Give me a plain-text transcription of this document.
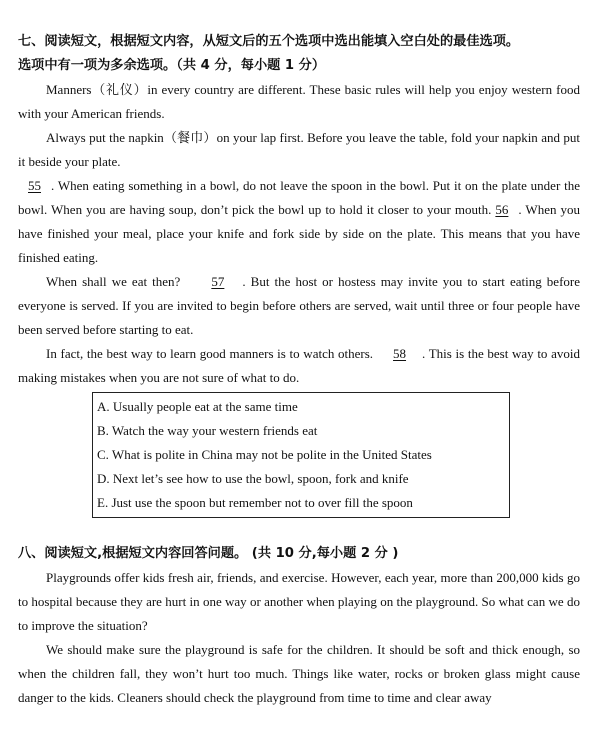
七、阅读短文，根据短文内容，从短文后的五个选项中选出能填入空白处的最佳选项。

选项中有一项为多余选项。（共 4 分，每小题 1 分）

Manners（礼仪）in every country are different. These basic rules will help you enjoy western food with your American friends.

Always put the napkin（餐巾）on your lap first. Before you leave the table, fold your napkin and put it beside your plate.

55 . When eating something in a bowl, do not leave the spoon in the bowl. Put it on the plate under the bowl. When you are having soup, don’t pick the bowl up to hold it closer to your mouth. 56 . When you have finished your meal, place your knife and fork side by side on the plate. This means that you have finished eating.

When shall we eat then? 57 . But the host or hostess may invite you to start eating before everyone is served. If you are invited to begin before others are served, wait until three or four people have been served before starting to eat.

In fact, the best way to learn good manners is to watch others. 58 . This is the best way to avoid making mistakes when you are not sure of what to do.

A. Usually people eat at the same time

B. Watch the way your western friends eat

C. What is polite in China may not be polite in the United States

D. Next let’s see how to use the bowl, spoon, fork and knife

E. Just use the spoon but remember not to over fill the spoon

八、阅读短文,根据短文内容回答问题。 (共 10 分,每小题 2 分 )

Playgrounds offer kids fresh air, friends, and exercise. However, each year, more than 200,000 kids go to hospital because they are hurt in one way or another when playing on the playground. So what can we do to improve the situation?

We should make sure the playground is safe for the children. It should be soft and thick enough, so when the children fall, they won’t hurt too much. Things like water, rocks or broken glass might cause danger to the kids. Cleaners should check the playground from time to time and clear away
